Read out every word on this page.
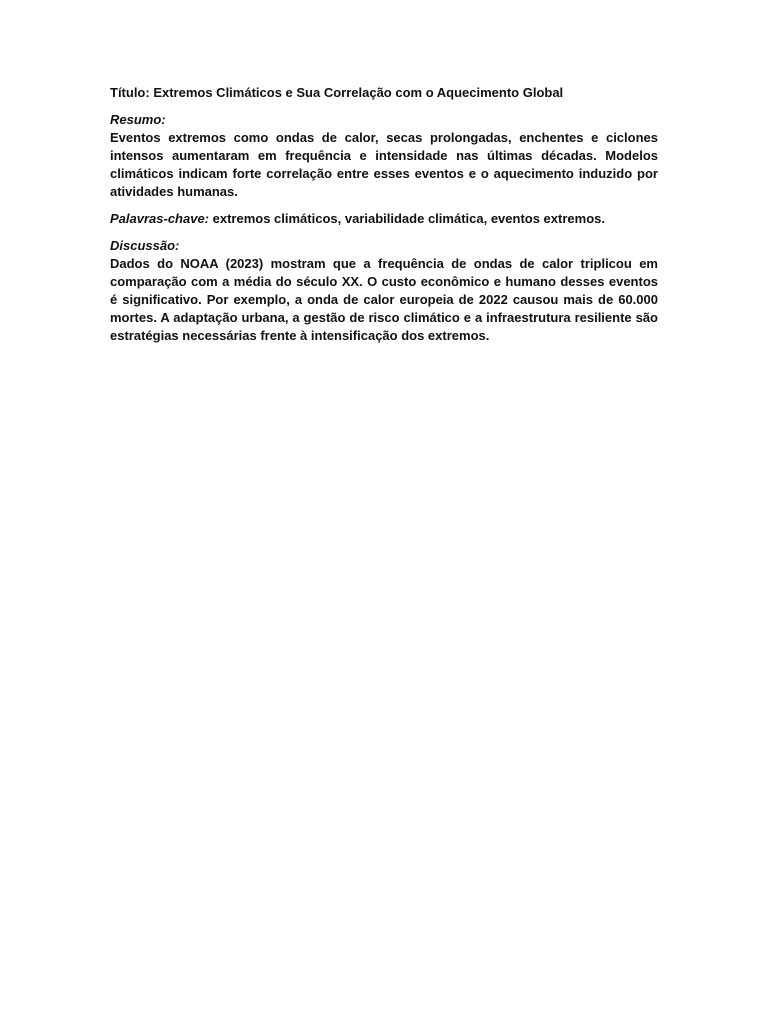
Título: Extremos Climáticos e Sua Correlação com o Aquecimento Global

Resumo:

Eventos extremos como ondas de calor, secas prolongadas, enchentes e ciclones intensos aumentaram em frequência e intensidade nas últimas décadas. Modelos climáticos indicam forte correlação entre esses eventos e o aquecimento induzido por atividades humanas.

Palavras-chave: extremos climáticos, variabilidade climática, eventos extremos.

Discussão:

Dados do NOAA (2023) mostram que a frequência de ondas de calor triplicou em comparação com a média do século XX. O custo econômico e humano desses eventos é significativo. Por exemplo, a onda de calor europeia de 2022 causou mais de 60.000 mortes. A adaptação urbana, a gestão de risco climático e a infraestrutura resiliente são estratégias necessárias frente à intensificação dos extremos.
